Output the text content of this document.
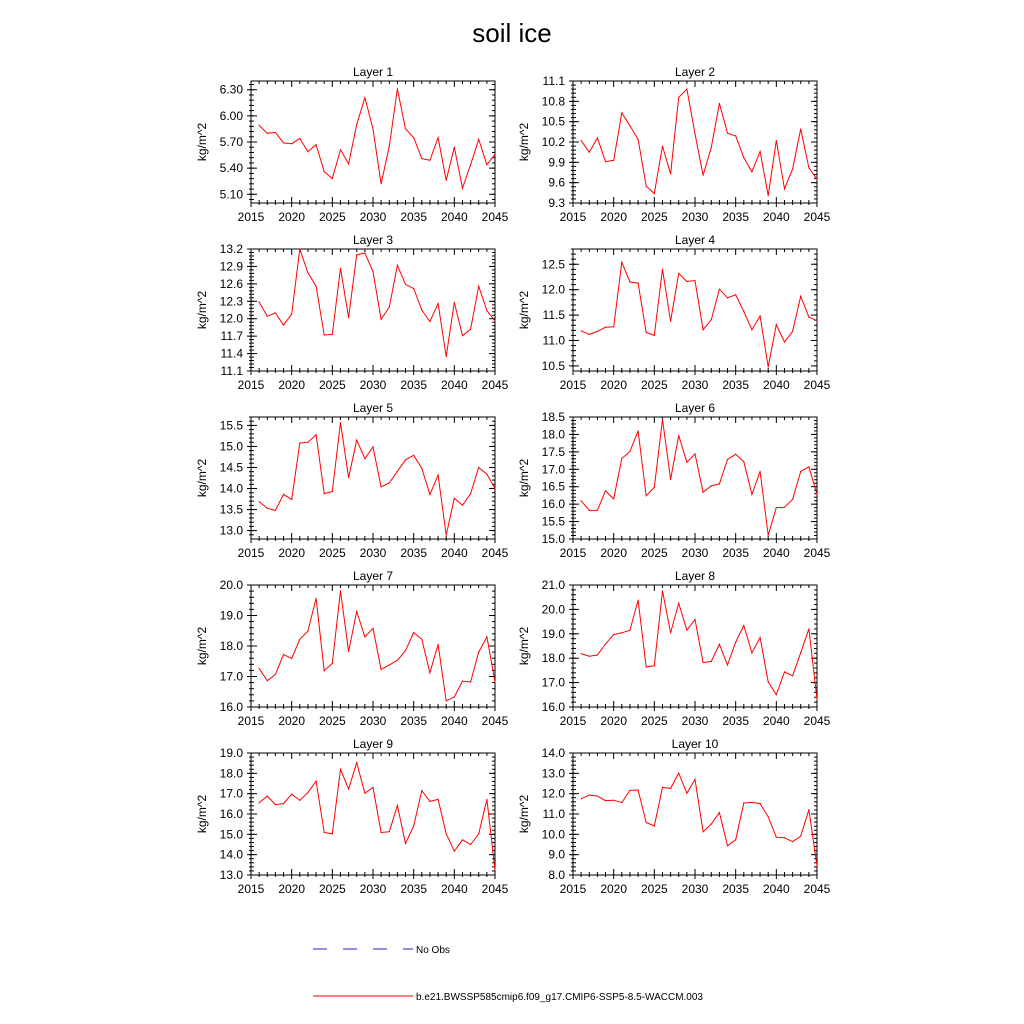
soil ice
Layer 1
kg/m^2
2015 2020 2025 2030 2035 2040 2045
5.10
5.40
5.70
6.00
6.30
Layer 2
kg/m^2
2015 2020 2025 2030 2035 2040 2045
9.3
9.6
9.9
10.2
10.5
10.8
11.1
Layer 3
kg/m^2
2015 2020 2025 2030 2035 2040 2045
11.1
11.4
11.7
12.0
12.3
12.6
12.9
13.2
Layer 4
kg/m^2
2015 2020 2025 2030 2035 2040 2045
10.5
11.0
11.5
12.0
12.5
Layer 5
kg/m^2
2015 2020 2025 2030 2035 2040 2045
13.0
13.5
14.0
14.5
15.0
15.5
Layer 6
kg/m^2
2015 2020 2025 2030 2035 2040 2045
15.0
15.5
16.0
16.5
17.0
17.5
18.0
18.5
Layer 7
kg/m^2
2015 2020 2025 2030 2035 2040 2045
16.0
17.0
18.0
19.0
20.0
Layer 8
kg/m^2
2015 2020 2025 2030 2035 2040 2045
16.0
17.0
18.0
19.0
20.0
21.0
Layer 9
kg/m^2
2015 2020 2025 2030 2035 2040 2045
13.0
14.0
15.0
16.0
17.0
18.0
19.0
Layer 10
kg/m^2
2015 2020 2025 2030 2035 2040 2045
8.0
9.0
10.0
11.0
12.0
13.0
14.0
No Obs
b.e21.BWSSP585cmip6.f09_g17.CMIP6-SSP5-8.5-WACCM.003
